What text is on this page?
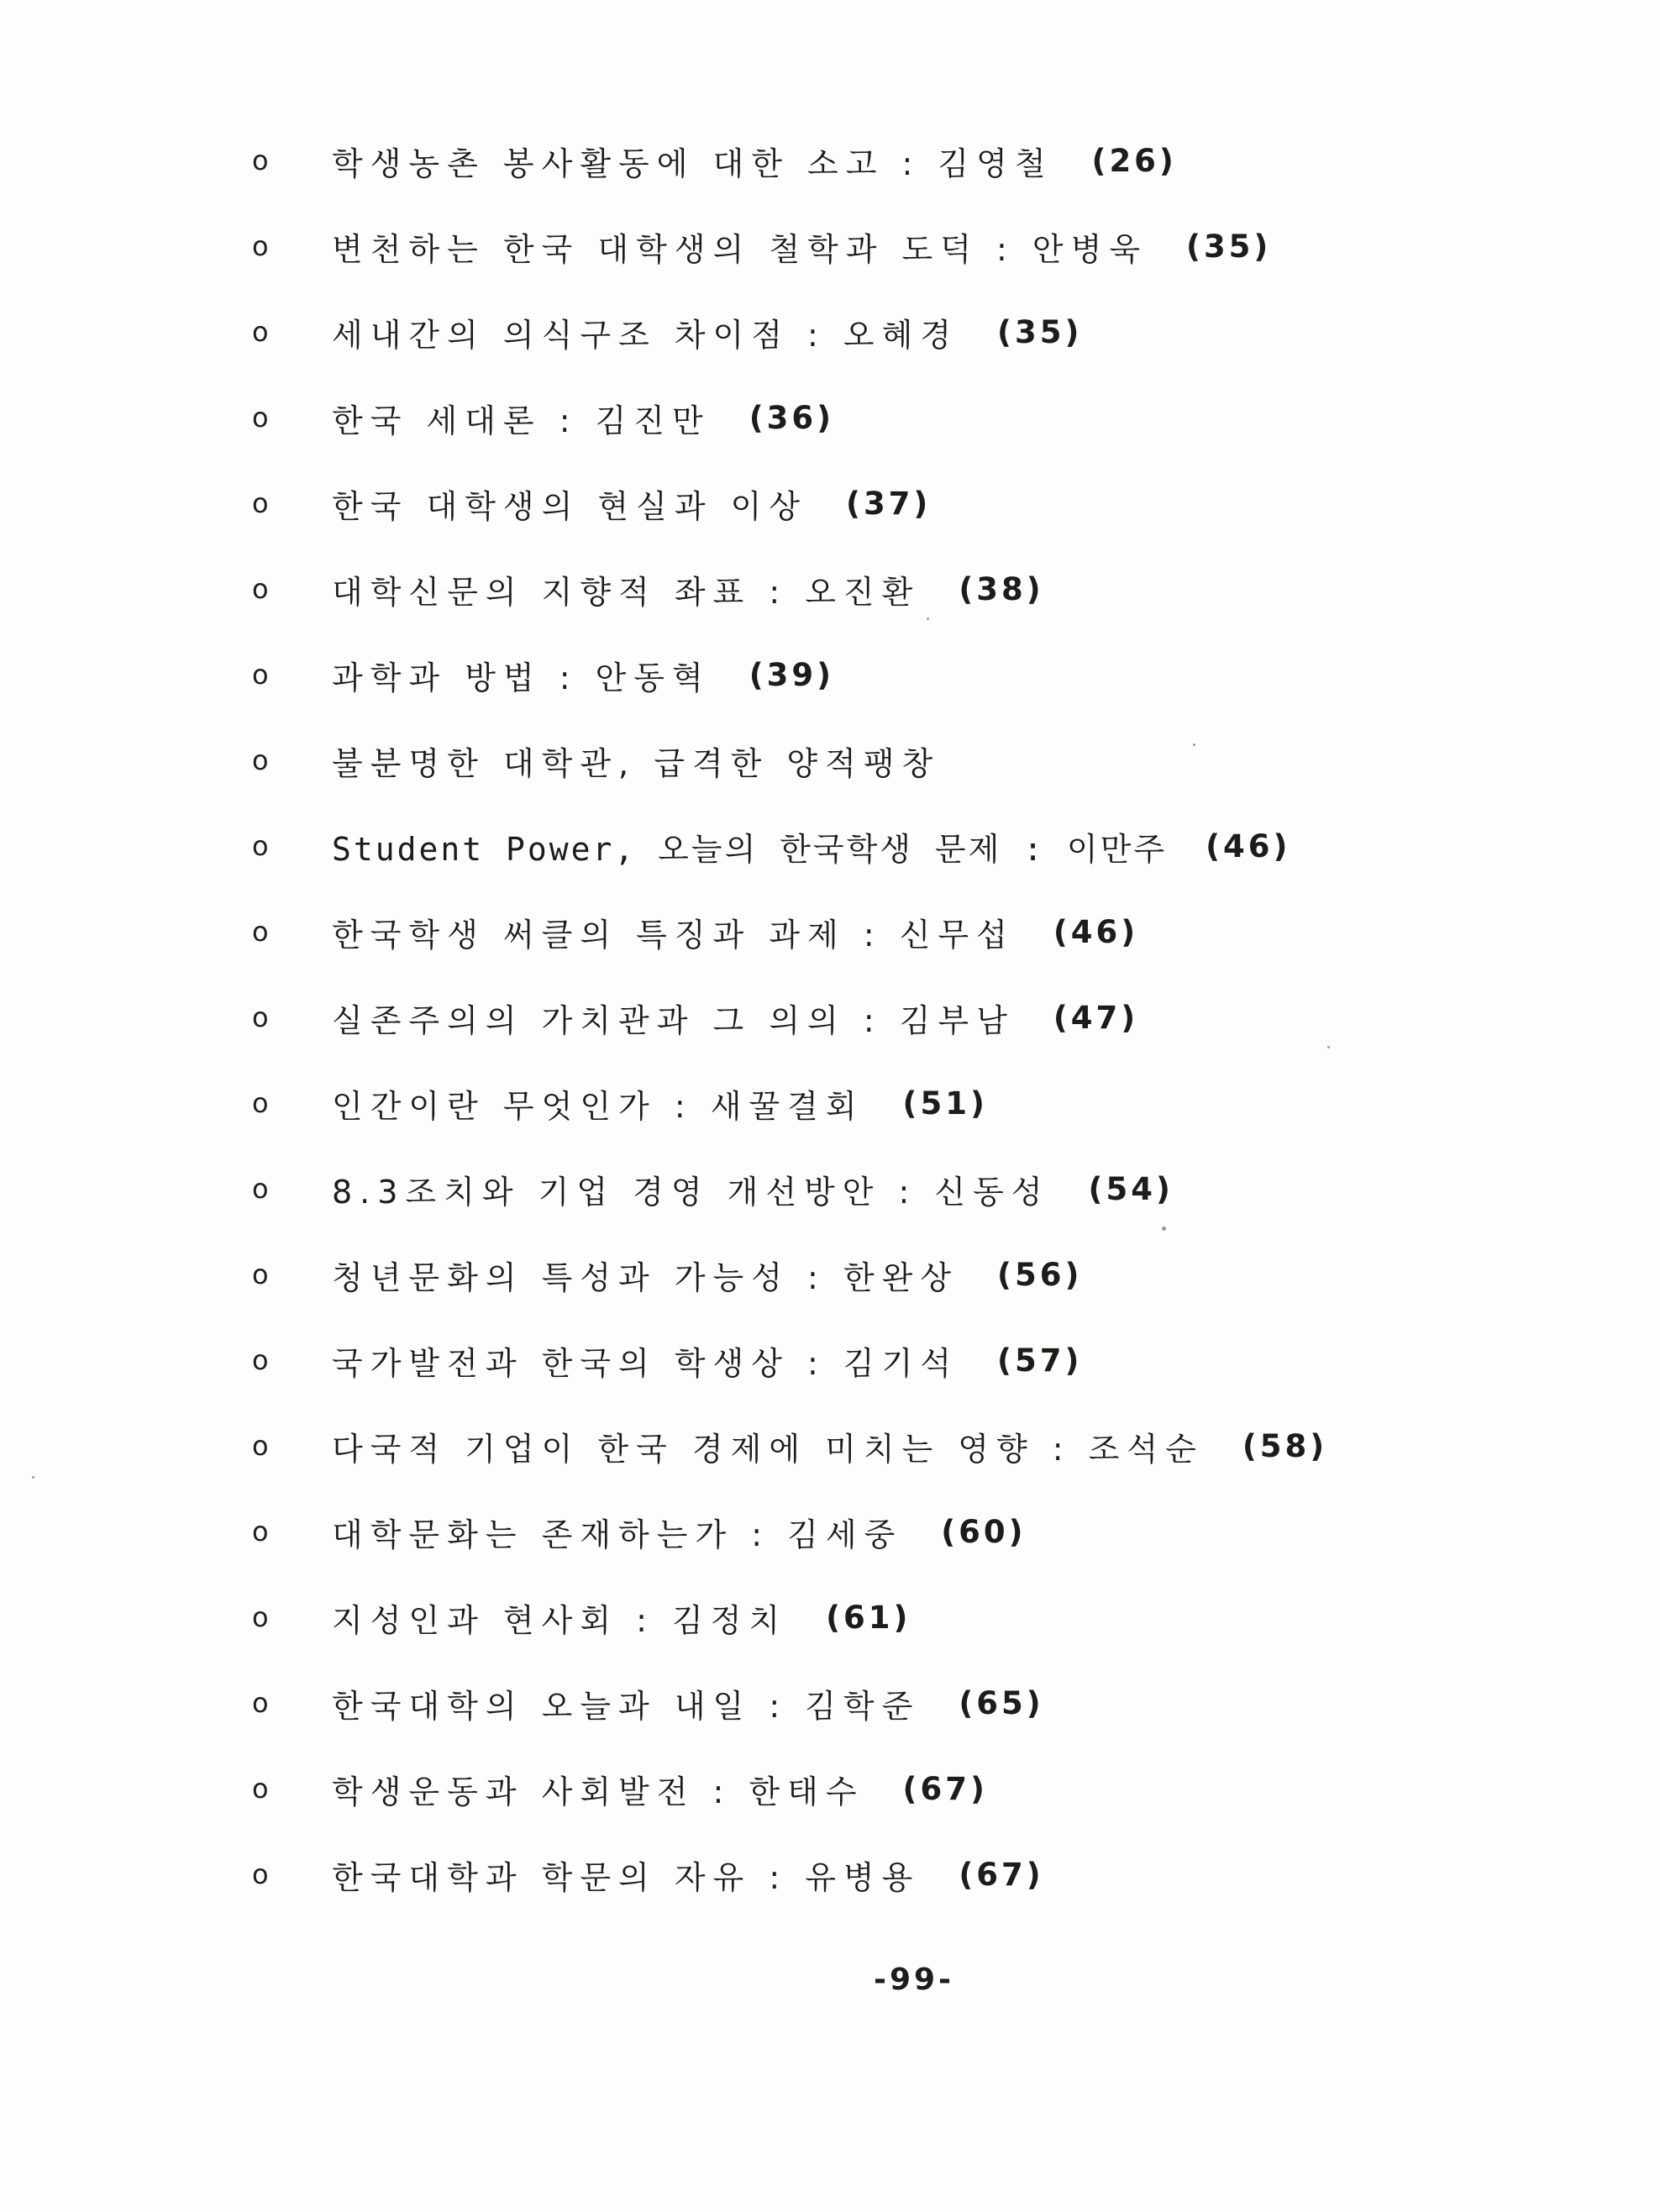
o	학생농촌 봉사활동에 대한 소고 : 김영철 (26)
o	변천하는 한국 대학생의 철학과 도덕 : 안병욱 (35)
o	세내간의 의식구조 차이점 : 오혜경 (35)
o	한국 세대론 : 김진만 (36)
o	한국 대학생의 현실과 이상 (37)
o	대학신문의 지향적 좌표 : 오진환 (38)
o	과학과 방법 : 안동혁 (39)
o	불분명한 대학관, 급격한 양적팽창
o	Student Power, 오늘의 한국학생 문제 : 이만주 (46)
o	한국학생 써클의 특징과 과제 : 신무섭 (46)
o	실존주의의 가치관과 그 의의 : 김부남 (47)
o	인간이란 무엇인가 : 새꿀결회 (51)
o	8.3조치와 기업 경영 개선방안 : 신동성 (54)
o	청년문화의 특성과 가능성 : 한완상 (56)
o	국가발전과 한국의 학생상 : 김기석 (57)
o	다국적 기업이 한국 경제에 미치는 영향 : 조석순 (58)
o	대학문화는 존재하는가 : 김세중 (60)
o	지성인과 현사회 : 김정치 (61)
o	한국대학의 오늘과 내일 : 김학준 (65)
o	학생운동과 사회발전 : 한태수 (67)
o	한국대학과 학문의 자유 : 유병용 (67)
-99-
